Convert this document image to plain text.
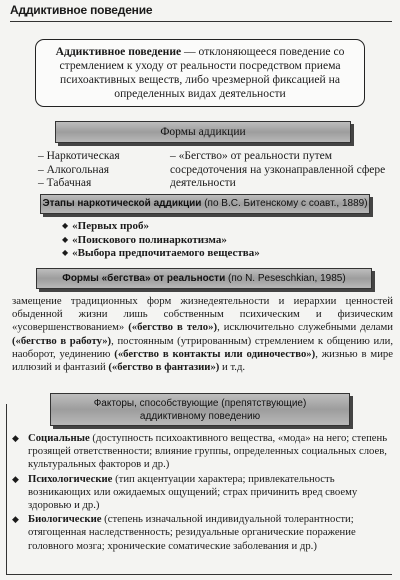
Аддиктивное поведение
Аддиктивное поведение — отклоняющееся поведение со стремлением к уходу от реальности посредством приема психоактивных веществ, либо чрезмерной фиксацией на определенных видах деятельности
Формы аддикции
– Наркотическая
– Алкогольная
– Табачная
– «Бегство» от реальности путем сосредоточения на узконаправленной сфере деятельности
Этапы наркотической аддикции (по В.С. Битенскому с соавт., 1889)
◆ «Первых проб»
◆ «Поискового полинаркотизма»
◆ «Выбора предпочитаемого вещества»
Формы «бегства» от реальности (по N. Peseschkian, 1985)
замещение традиционных форм жизнедеятельности и иерархии ценностей обыденной жизни лишь собственным психическим и физическим «усовершенствованием» («бегство в тело»), исключительно служебными делами («бегство в работу»), постоянным (утрированным) стремлением к общению или, наоборот, уединению («бегство в контакты или одиночество»), жизнью в мире иллюзий и фантазий («бегство в фантазии») и т.д.
Факторы, способствующие (препятствующие)
аддиктивному поведению
◆ Социальные (доступность психоактивного вещества, «мода» на него; степень грозящей ответственности; влияние группы, определенных социальных слоев, культуральных факторов и др.)
◆ Психологические (тип акцентуации характера; привлекательность возникающих или ожидаемых ощущений; страх причинить вред своему здоровью и др.)
◆ Биологические (степень изначальной индивидуальной толерантности; отягощенная наследственность; резидуальные органические поражение головного мозга; хронические соматические заболевания и др.)
